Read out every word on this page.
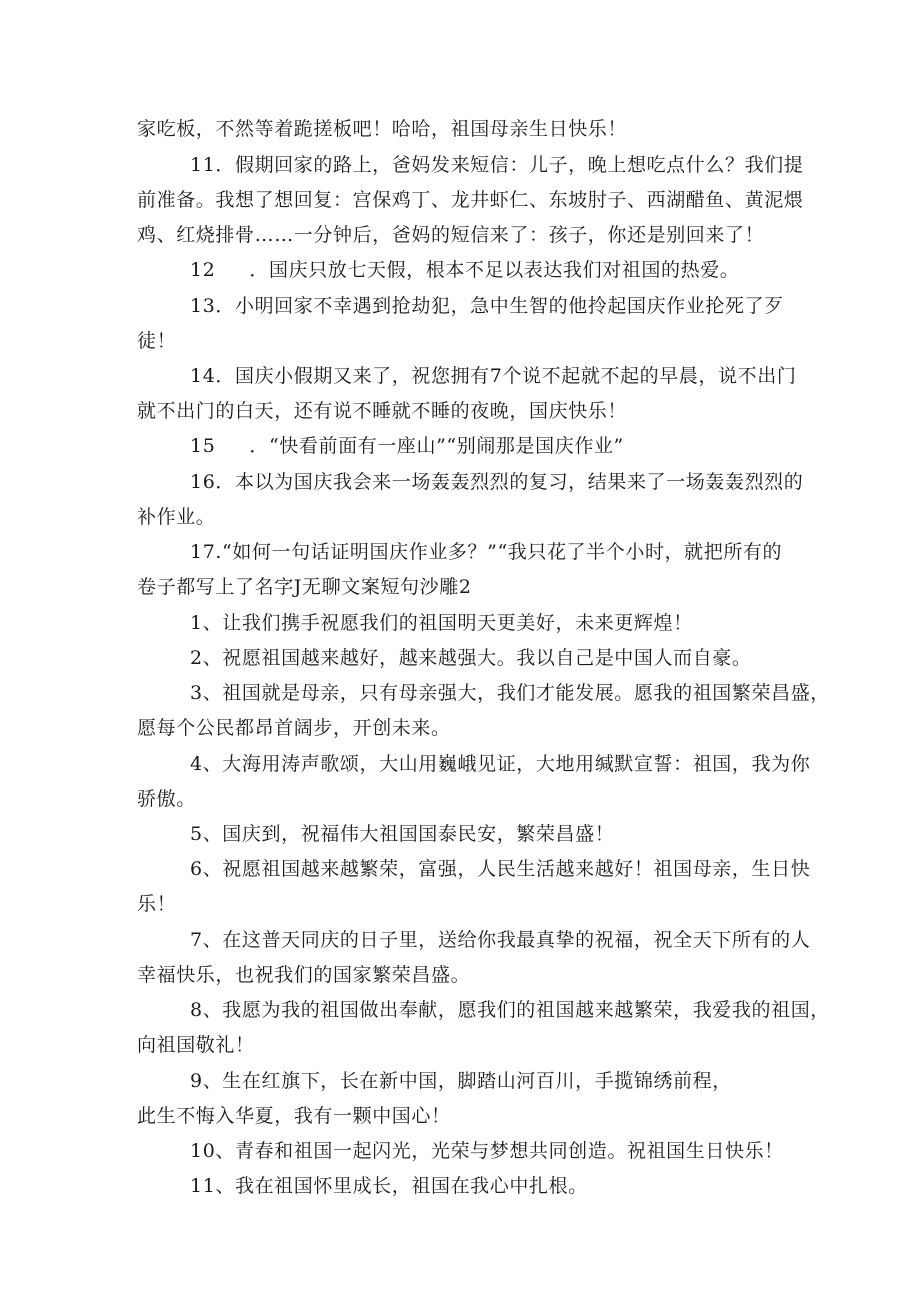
家吃板，不然等着跪搓板吧！哈哈，祖国母亲生日快乐！
11．假期回家的路上，爸妈发来短信：儿子，晚上想吃点什么？我们提
前准备。我想了想回复：宫保鸡丁、龙井虾仁、东坡肘子、西湖醋鱼、黄泥煨
鸡、红烧排骨……一分钟后，爸妈的短信来了：孩子，你还是别回来了！
12 ．国庆只放七天假，根本不足以表达我们对祖国的热爱。
13．小明回家不幸遇到抢劫犯，急中生智的他拎起国庆作业抡死了歹
徒！
14．国庆小假期又来了，祝您拥有7个说不起就不起的早晨，说不出门
就不出门的白天，还有说不睡就不睡的夜晚，国庆快乐！
15 ．“快看前面有一座山”“别闹那是国庆作业”
16．本以为国庆我会来一场轰轰烈烈的复习，结果来了一场轰轰烈烈的
补作业。
17.“如何一句话证明国庆作业多？”“我只花了半个小时，就把所有的
卷子都写上了名字J无聊文案短句沙雕2
1、让我们携手祝愿我们的祖国明天更美好，未来更辉煌！
2、祝愿祖国越来越好，越来越强大。我以自己是中国人而自豪。
3、祖国就是母亲，只有母亲强大，我们才能发展。愿我的祖国繁荣昌盛，
愿每个公民都昂首阔步，开创未来。
4、大海用涛声歌颂，大山用巍峨见证，大地用缄默宣誓：祖国，我为你
骄傲。
5、国庆到，祝福伟大祖国国泰民安，繁荣昌盛！
6、祝愿祖国越来越繁荣，富强，人民生活越来越好！祖国母亲，生日快
乐！
7、在这普天同庆的日子里，送给你我最真挚的祝福，祝全天下所有的人
幸福快乐，也祝我们的国家繁荣昌盛。
8、我愿为我的祖国做出奉献，愿我们的祖国越来越繁荣，我爱我的祖国，
向祖国敬礼！
9、生在红旗下，长在新中国，脚踏山河百川，手揽锦绣前程，
此生不悔入华夏，我有一颗中国心！
10、青春和祖国一起闪光，光荣与梦想共同创造。祝祖国生日快乐！
11、我在祖国怀里成长，祖国在我心中扎根。
